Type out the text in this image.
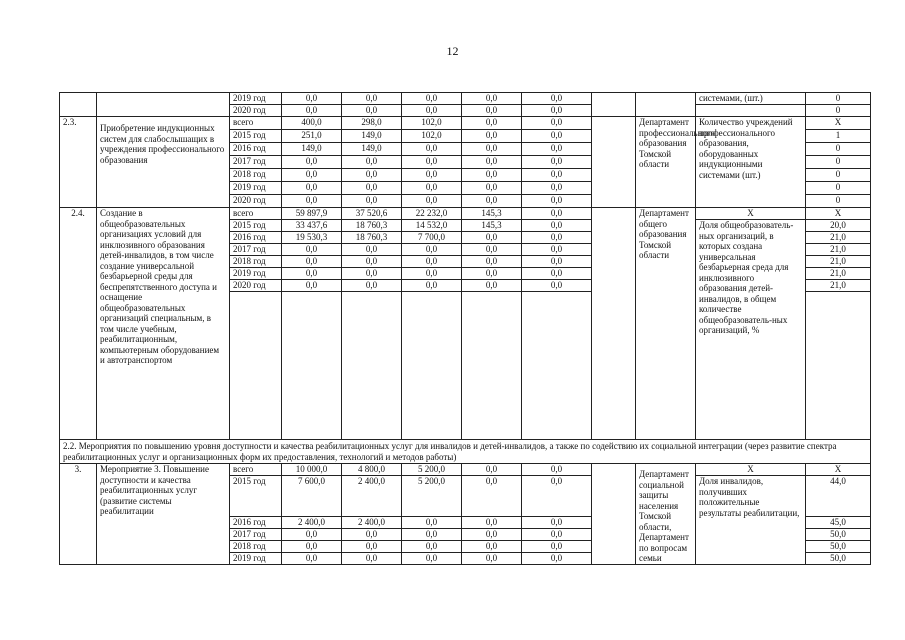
12
		2019 год	0,0	0,0	0,0	0,0	0,0			системами, (шт.)	0
		2020 год	0,0	0,0	0,0	0,0	0,0				0
2.3.	Приобретение индукционных систем для слабослышащих в учреждения профессионального образования	всего	400,0	298,0	102,0	0,0	0,0		Департамент профессионального образования Томской области	Количество учреждений профессионального образования, оборудованных индукционными системами (шт.)	Х
		2015 год	251,0	149,0	102,0	0,0	0,0				1
		2016 год	149,0	149,0	0,0	0,0	0,0				0
		2017 год	0,0	0,0	0,0	0,0	0,0				0
		2018 год	0,0	0,0	0,0	0,0	0,0				0
		2019 год	0,0	0,0	0,0	0,0	0,0				0
		2020 год	0,0	0,0	0,0	0,0	0,0				0
2.4.	Создание в общеобразовательных организациях условий для инклюзивного образования детей-инвалидов, в том числе создание универсальной безбарьерной среды для беспрепятственного доступа и оснащение общеобразовательных организаций специальным, в том числе учебным, реабилитационным, компьютерным оборудованием и автотранспортом	всего	59 897,9	37 520,6	22 232,0	145,3	0,0		Департамент общего образования Томской области	Х	Х
		2015 год	33 437,6	18 760,3	14 532,0	145,3	0,0			Доля общеобразователь-ных организаций, в которых создана универсальная безбарьерная среда для инклюзивного образования детей-инвалидов, в общем количестве общеобразователь-ных организаций, %	20,0
		2016 год	19 530,3	18 760,3	7 700,0	0,0	0,0				21,0
		2017 год	0,0	0,0	0,0	0,0	0,0				21,0
		2018 год	0,0	0,0	0,0	0,0	0,0				21,0
		2019 год	0,0	0,0	0,0	0,0	0,0				21,0
		2020 год	0,0	0,0	0,0	0,0	0,0				21,0

2.2. Мероприятия по повышению уровня доступности и качества реабилитационных услуг для инвалидов и детей-инвалидов, а также по содействию их социальной интеграции (через развитие спектра реабилитационных услуг и организационных форм их предоставления, технологий и методов работы)											
3.	Мероприятие 3. Повышение доступности и качества реабилитационных услуг (развитие системы реабилитации	всего	10 000,0	4 800,0	5 200,0	0,0	0,0		Департамент социальной защиты населения Томской области, Департамент по вопросам семьи	Х	Х
		2015 год	7 600,0	2 400,0	5 200,0	0,0	0,0			Доля инвалидов, получивших положительные результаты реабилитации,	44,0
		2016 год	2 400,0	2 400,0	0,0	0,0	0,0				45,0
		2017 год	0,0	0,0	0,0	0,0	0,0				50,0
		2018 год	0,0	0,0	0,0	0,0	0,0				50,0
		2019 год	0,0	0,0	0,0	0,0	0,0				50,0
